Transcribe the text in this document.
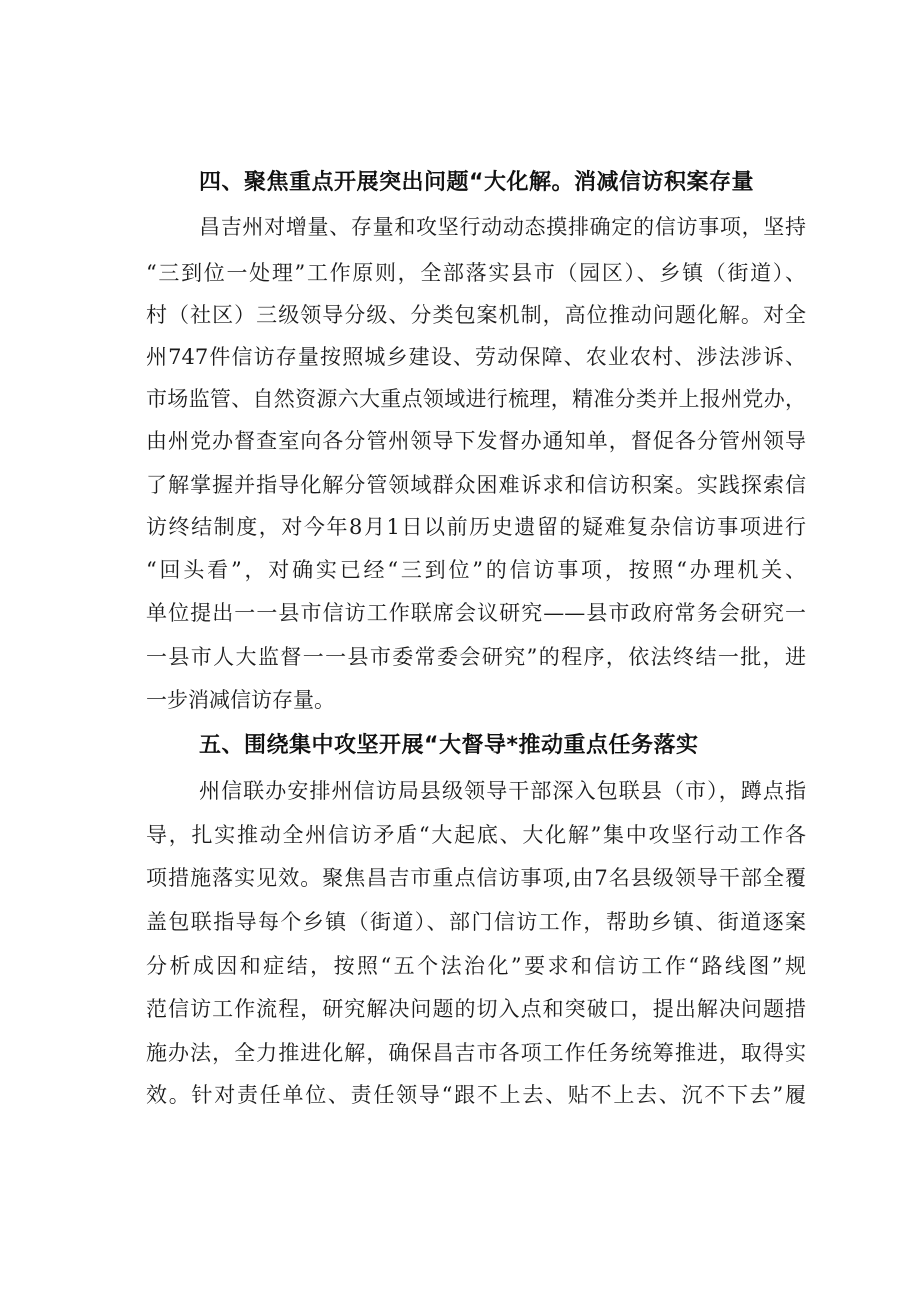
四、聚焦重点开展突出问题“大化解。消减信访积案存量
昌吉州对增量、存量和攻坚行动动态摸排确定的信访事项，坚持
“三到位一处理”工作原则，全部落实县市（园区）、乡镇（街道）、
村（社区）三级领导分级、分类包案机制，高位推动问题化解。对全
州747件信访存量按照城乡建设、劳动保障、农业农村、涉法涉诉、
市场监管、自然资源六大重点领域进行梳理，精准分类并上报州党办，
由州党办督查室向各分管州领导下发督办通知单，督促各分管州领导
了解掌握并指导化解分管领域群众困难诉求和信访积案。实践探索信
访终结制度，对今年8月1日以前历史遗留的疑难复杂信访事项进行
“回头看”，对确实已经“三到位”的信访事项，按照“办理机关、
单位提出一一县市信访工作联席会议研究——县市政府常务会研究一
一县市人大监督一一县市委常委会研究”的程序，依法终结一批，进
一步消减信访存量。
五、围绕集中攻坚开展“大督导*推动重点任务落实
州信联办安排州信访局县级领导干部深入包联县（市），蹲点指
导，扎实推动全州信访矛盾“大起底、大化解”集中攻坚行动工作各
项措施落实见效。聚焦昌吉市重点信访事项,由7名县级领导干部全覆
盖包联指导每个乡镇（街道）、部门信访工作，帮助乡镇、街道逐案
分析成因和症结，按照“五个法治化”要求和信访工作“路线图”规
范信访工作流程，研究解决问题的切入点和突破口，提出解决问题措
施办法，全力推进化解，确保昌吉市各项工作任务统筹推进，取得实
效。针对责任单位、责任领导“跟不上去、贴不上去、沉不下去”履
